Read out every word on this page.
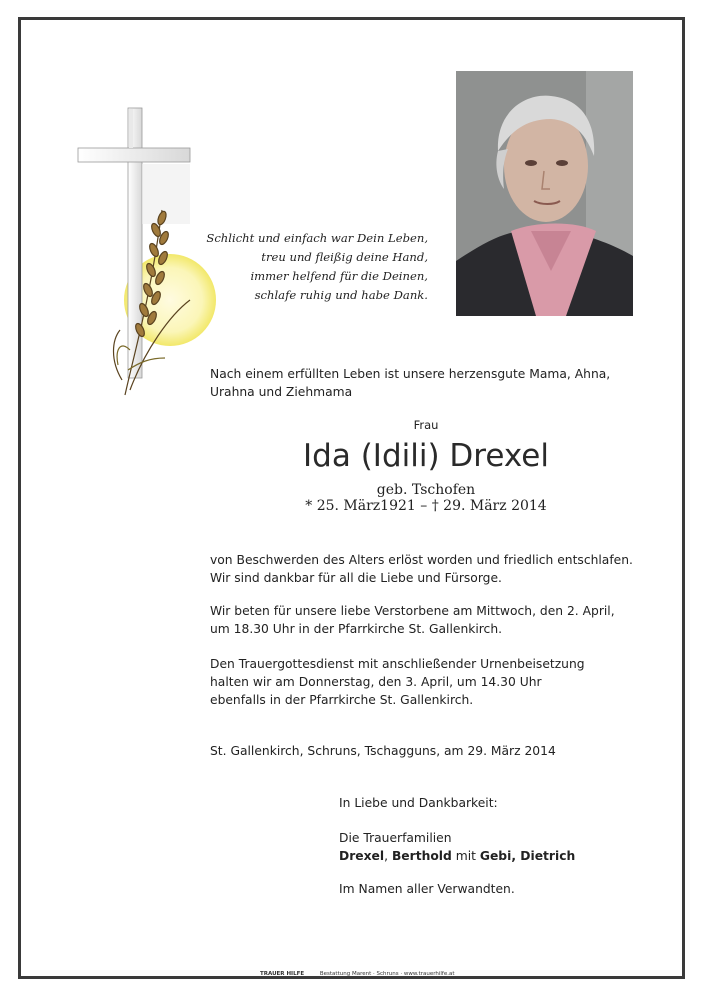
Schlicht und einfach war Dein Leben,
treu und fleißig deine Hand,
immer helfend für die Deinen,
schlafe ruhig und habe Dank.
Nach einem erfüllten Leben ist unsere herzensgute Mama, Ahna,
Urahna und Ziehmama
Frau
Ida (Idili) Drexel
geb. Tschofen
* 25. März1921 – † 29. März 2014
von Beschwerden des Alters erlöst worden und friedlich entschlafen.
Wir sind dankbar für all die Liebe und Fürsorge.
Wir beten für unsere liebe Verstorbene am Mittwoch, den 2. April,
um 18.30 Uhr in der Pfarrkirche St. Gallenkirch.
Den Trauergottesdienst mit anschließender Urnenbeisetzung
halten wir am Donnerstag, den 3. April, um 14.30 Uhr
ebenfalls in der Pfarrkirche St. Gallenkirch.
St. Gallenkirch, Schruns, Tschagguns, am 29. März 2014
In Liebe und Dankbarkeit:
Die Trauerfamilien
Drexel, Berthold mit Gebi, Dietrich
Im Namen aller Verwandten.
TRAUER HILFE	Bestattung Marent · Schruns · www.trauerhilfe.at
